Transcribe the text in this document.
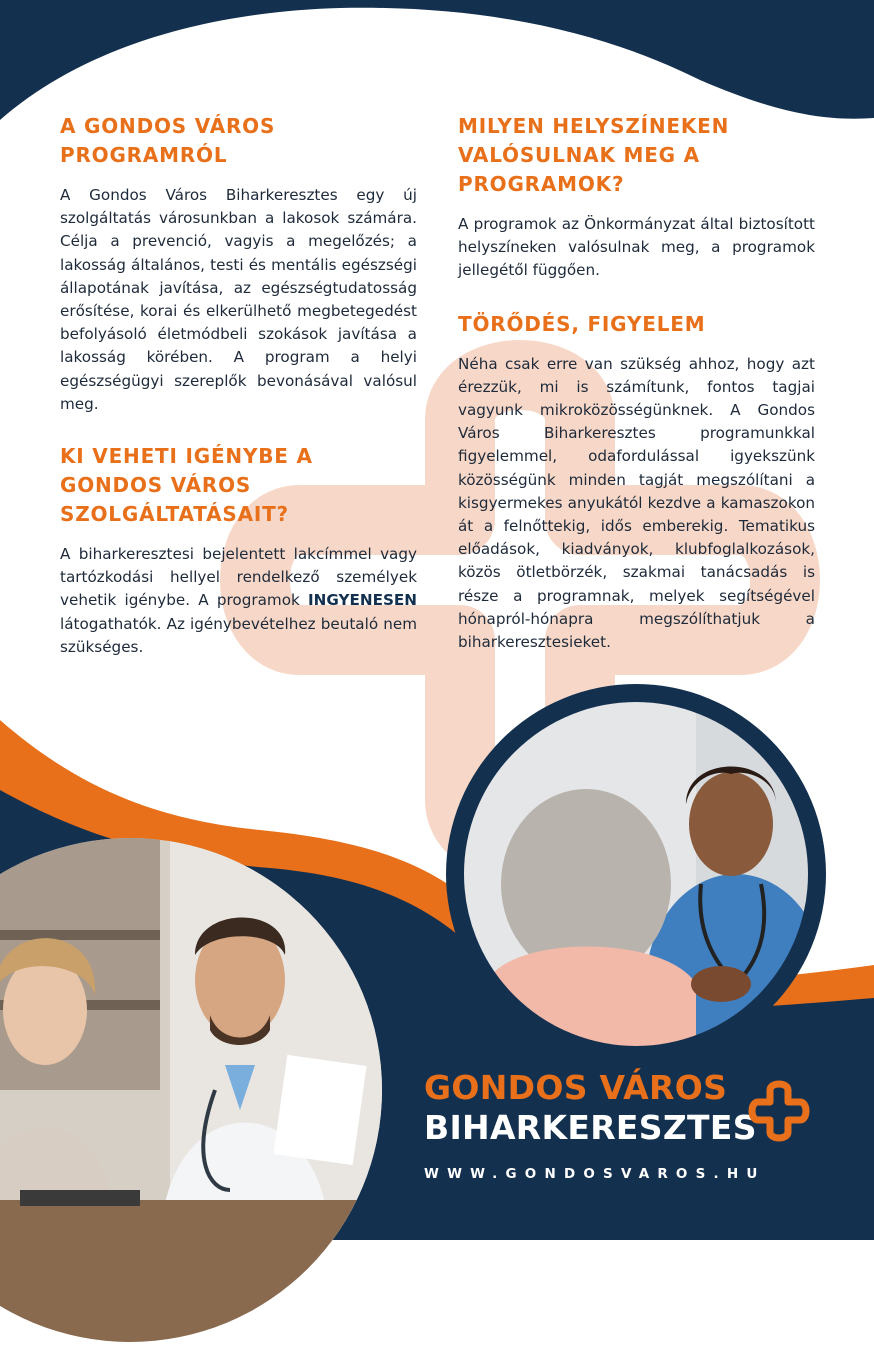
A GONDOS VÁROS PROGRAMRÓL

A Gondos Város Biharkeresztes egy új szolgáltatás városunkban a lakosok számára. Célja a prevenció, vagyis a megelőzés; a lakosság általános, testi és mentális egészségi állapotának javítása, az egészségtudatosság erősítése, korai és elkerülhető megbetegedést befolyásoló életmódbeli szokások javítása a lakosság körében. A program a helyi egészségügyi szereplők bevonásával valósul meg.

KI VEHETI IGÉNYBE A GONDOS VÁROS SZOLGÁLTATÁSAIT?

A biharkeresztesi bejelentett lakcímmel vagy tartózkodási hellyel rendelkező személyek vehetik igénybe. A programok INGYENESEN látogathatók. Az igénybevételhez beutaló nem szükséges.

MILYEN HELYSZÍNEKEN VALÓSULNAK MEG A PROGRAMOK?

A programok az Önkormányzat által biztosított helyszíneken valósulnak meg, a programok jellegétől függően.

TÖRŐDÉS, FIGYELEM

Néha csak erre van szükség ahhoz, hogy azt érezzük, mi is számítunk, fontos tagjai vagyunk mikroközösségünknek. A Gondos Város Biharkeresztes programunkkal figyelemmel, odafordulással igyekszünk közösségünk minden tagját megszólítani a kisgyermekes anyukától kezdve a kamaszokon át a felnőttekig, idős emberekig. Tematikus előadások, kiadványok, klubfoglalkozások, közös ötletbörzék, szakmai tanácsadás is része a programnak, melyek segítségével hónapról-hónapra megszólíthatjuk a biharkeresztesieket.

GONDOS VÁROS
BIHARKERESZTES
WWW.GONDOSVAROS.HU
